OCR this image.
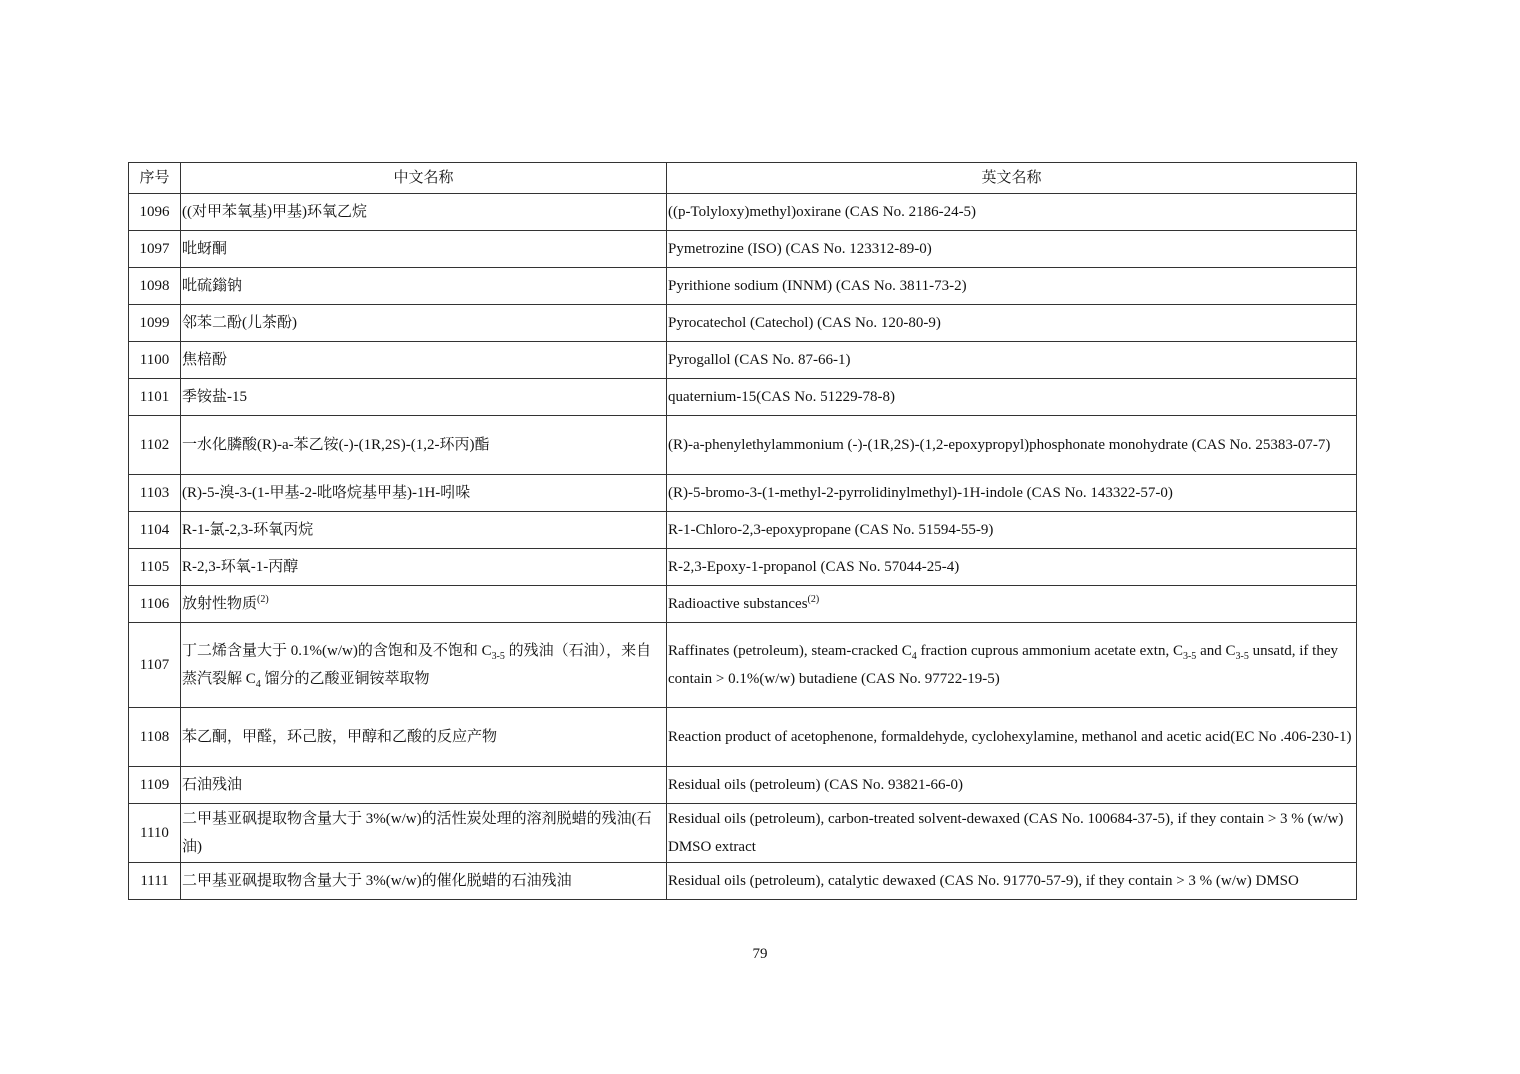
序号	中文名称	英文名称
1096	((对甲苯氧基)甲基)环氧乙烷	((p-Tolyloxy)methyl)oxirane (CAS No. 2186-24-5)
1097	吡蚜酮	Pymetrozine (ISO) (CAS No. 123312-89-0)
1098	吡硫鎓钠	Pyrithione sodium (INNM) (CAS No. 3811-73-2)
1099	邻苯二酚(儿茶酚)	Pyrocatechol (Catechol) (CAS No. 120-80-9)
1100	焦棓酚	Pyrogallol (CAS No. 87-66-1)
1101	季铵盐-15	quaternium-15(CAS No. 51229-78-8)
1102	一水化膦酸(R)-a-苯乙铵(-)-(1R,2S)-(1,2-环丙)酯	(R)-a-phenylethylammonium (-)-(1R,2S)-(1,2-epoxypropyl)phosphonate monohydrate (CAS No. 25383-07-7)
1103	(R)-5-溴-3-(1-甲基-2-吡咯烷基甲基)-1H-吲哚	(R)-5-bromo-3-(1-methyl-2-pyrrolidinylmethyl)-1H-indole (CAS No. 143322-57-0)
1104	R-1-氯-2,3-环氧丙烷	R-1-Chloro-2,3-epoxypropane (CAS No. 51594-55-9)
1105	R-2,3-环氧-1-丙醇	R-2,3-Epoxy-1-propanol (CAS No. 57044-25-4)
1106	放射性物质$^{(2)}$	Radioactive substances$^{(2)}$
1107	丁二烯含量大于 0.1%(w/w)的含饱和及不饱和 $C_{3-5}$ 的残油（石油），来自蒸汽裂解 $C_4$ 馏分的乙酸亚铜铵萃取物	Raffinates (petroleum), steam-cracked $C_4$ fraction cuprous ammonium acetate extn, $C_{3-5}$ and $C_{3-5}$ unsatd, if they contain > 0.1%(w/w) butadiene (CAS No. 97722-19-5)
1108	苯乙酮，甲醛，环己胺，甲醇和乙酸的反应产物	Reaction product of acetophenone, formaldehyde, cyclohexylamine, methanol and acetic acid(EC No .406-230-1)
1109	石油残油	Residual oils (petroleum) (CAS No. 93821-66-0)
1110	二甲基亚砜提取物含量大于 3%(w/w)的活性炭处理的溶剂脱蜡的残油(石油)	Residual oils (petroleum), carbon-treated solvent-dewaxed (CAS No. 100684-37-5), if they contain > 3 % (w/w) DMSO extract
1111	二甲基亚砜提取物含量大于 3%(w/w)的催化脱蜡的石油残油	Residual oils (petroleum), catalytic dewaxed (CAS No. 91770-57-9), if they contain > 3 % (w/w) DMSO
79
